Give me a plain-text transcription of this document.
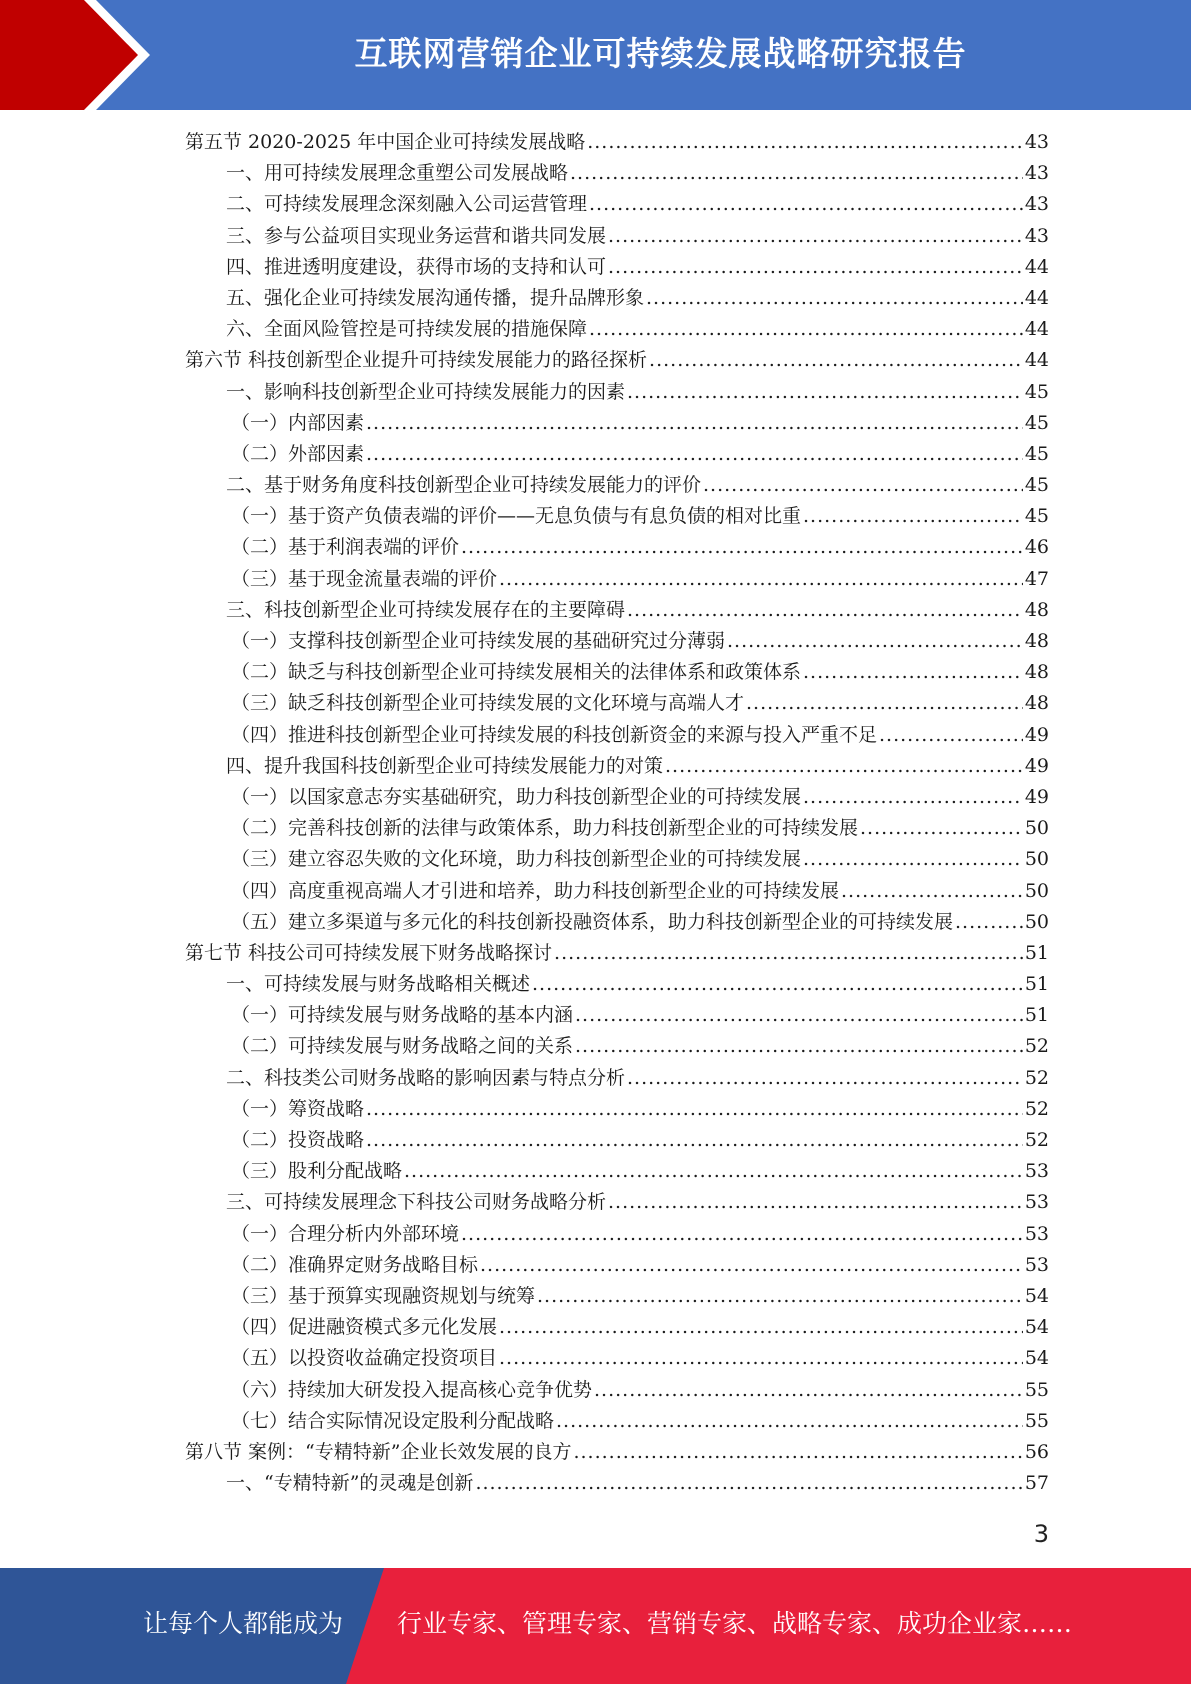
互联网营销企业可持续发展战略研究报告
第五节 2020-2025 年中国企业可持续发展战略 .....	43
一、用可持续发展理念重塑公司发展战略 .....	43
二、可持续发展理念深刻融入公司运营管理 .....	43
三、参与公益项目实现业务运营和谐共同发展 .....	43
四、推进透明度建设，获得市场的支持和认可 .....	44
五、强化企业可持续发展沟通传播，提升品牌形象 .....	44
六、全面风险管控是可持续发展的措施保障 .....	44
第六节 科技创新型企业提升可持续发展能力的路径探析 .....	44
一、影响科技创新型企业可持续发展能力的因素 .....	45
（一）内部因素 .....	45
（二）外部因素 .....	45
二、基于财务角度科技创新型企业可持续发展能力的评价 .....	45
（一）基于资产负债表端的评价——无息负债与有息负债的相对比重 .....	45
（二）基于利润表端的评价 .....	46
（三）基于现金流量表端的评价 .....	47
三、科技创新型企业可持续发展存在的主要障碍 .....	48
（一）支撑科技创新型企业可持续发展的基础研究过分薄弱 .....	48
（二）缺乏与科技创新型企业可持续发展相关的法律体系和政策体系 .....	48
（三）缺乏科技创新型企业可持续发展的文化环境与高端人才 .....	48
（四）推进科技创新型企业可持续发展的科技创新资金的来源与投入严重不足 .....	49
四、提升我国科技创新型企业可持续发展能力的对策 .....	49
（一）以国家意志夯实基础研究，助力科技创新型企业的可持续发展 .....	49
（二）完善科技创新的法律与政策体系，助力科技创新型企业的可持续发展 .....	50
（三）建立容忍失败的文化环境，助力科技创新型企业的可持续发展 .....	50
（四）高度重视高端人才引进和培养，助力科技创新型企业的可持续发展 .....	50
（五）建立多渠道与多元化的科技创新投融资体系，助力科技创新型企业的可持续发展 .....	50
第七节 科技公司可持续发展下财务战略探讨 .....	51
一、可持续发展与财务战略相关概述 .....	51
（一）可持续发展与财务战略的基本内涵 .....	51
（二）可持续发展与财务战略之间的关系 .....	52
二、科技类公司财务战略的影响因素与特点分析 .....	52
（一）筹资战略 .....	52
（二）投资战略 .....	52
（三）股利分配战略 .....	53
三、可持续发展理念下科技公司财务战略分析 .....	53
（一）合理分析内外部环境 .....	53
（二）准确界定财务战略目标 .....	53
（三）基于预算实现融资规划与统筹 .....	54
（四）促进融资模式多元化发展 .....	54
（五）以投资收益确定投资项目 .....	54
（六）持续加大研发投入提高核心竞争优势 .....	55
（七）结合实际情况设定股利分配战略 .....	55
第八节 案例：“专精特新”企业长效发展的良方 .....	56
一、“专精特新”的灵魂是创新 .....	57
3
让每个人都能成为 行业专家、管理专家、营销专家、战略专家、成功企业家……
